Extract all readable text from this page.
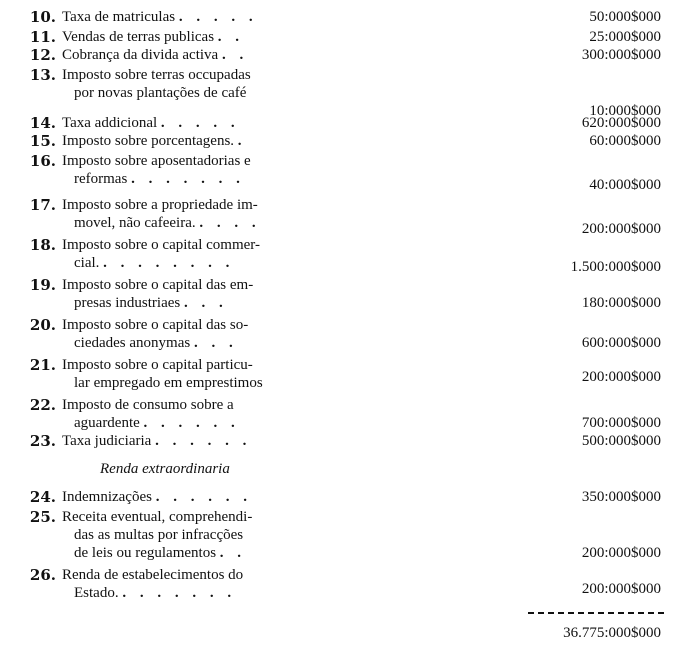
10. Taxa de matriculas . . . . .	50:000$000
11. Vendas de terras publicas . .	25:000$000
12. Cobrança da divida activa . .	300:000$000
13. Imposto sobre terras occupadas
por novas plantações de café
10:000$000
14. Taxa addicional . . . . .	620:000$000
15. Imposto sobre porcentagens. .	60:000$000
16. Imposto sobre aposentadorias e
reformas . . . . . . .	40:000$000
17. Imposto sobre a propriedade im-
movel, não cafeeira. . . . .	200:000$000
18. Imposto sobre o capital commer-
cial. . . . . . . . .	1.500:000$000
19. Imposto sobre o capital das em-
presas industriaes . . .	180:000$000
20. Imposto sobre o capital das so-
ciedades anonymas . . .	600:000$000
21. Imposto sobre o capital particu-
lar empregado em emprestimos	200:000$000
22. Imposto de consumo sobre a
aguardente . . . . . .	700:000$000
23. Taxa judiciaria . . . . . .	500:000$000
Renda extraordinaria
24. Indemnizações . . . . . .	350:000$000
25. Receita eventual, comprehendi-
das as multas por infracções
de leis ou regulamentos . .	200:000$000
26. Renda de estabelecimentos do
Estado. . . . . . . .	200:000$000
36.775:000$000
